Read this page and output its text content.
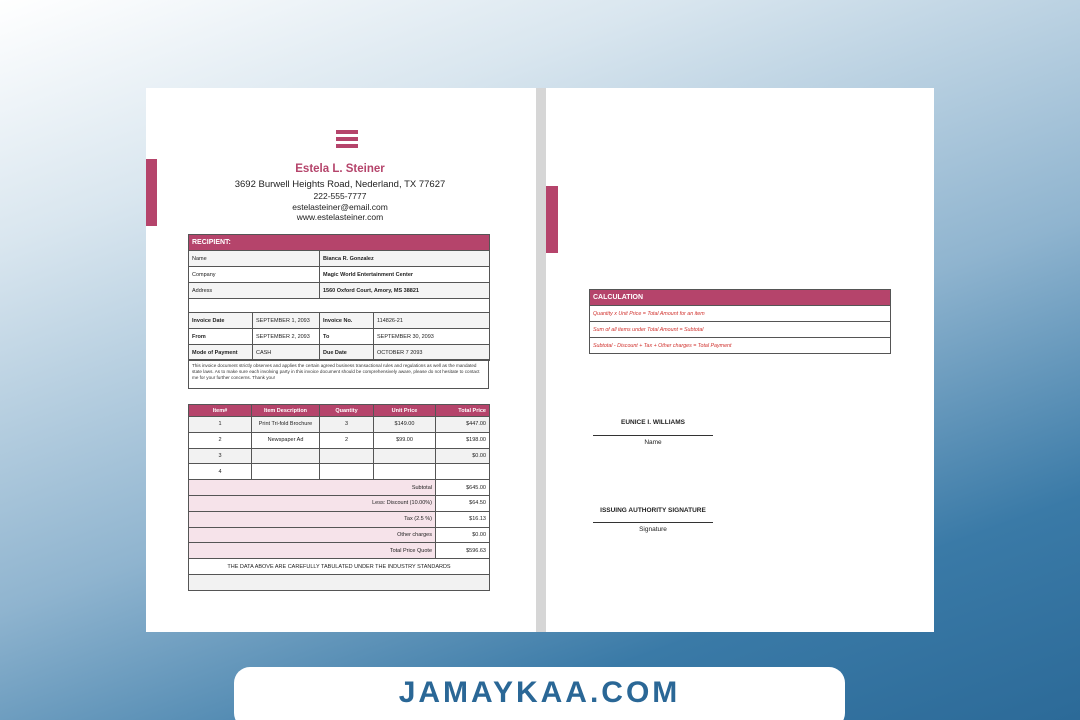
Estela L. Steiner
3692 Burwell Heights Road, Nederland, TX 77627
222-555-7777
estelasteiner@email.com
www.estelasteiner.com
RECIPIENT:	
Name	Bianca R. Gonzalez
Company	Magic World Entertainment Center
Address	1560 Oxford Court, Amory, MS 38821

Invoice Date	SEPTEMBER 1, 2093	Invoice No.	114826-21
From	SEPTEMBER 2, 2093	To	SEPTEMBER 30, 2093
Mode of Payment	CASH	Due Date	OCTOBER 7 2093
This invoice document strictly observes and applies the certain agreed business transactional rules and regulations as well as the mandated state laws. As to make sure each involving party in this invoice document should be comprehensively aware, please do not hesitate to contact me for your further concerns. Thank you!
Item#	Item Description	Quantity	Unit Price	Total Price
1	Print Tri-fold Brochure	3	$149.00	$447.00
2	Newspaper Ad	2	$99.00	$198.00
3				$0.00
4				
Subtotal				$645.00
Less: Discount (10.00%)				$64.50
Tax (2.5 %)				$16.13
Other charges				$0.00
Total Price Quote				$596.63
THE DATA ABOVE ARE CAREFULLY TABULATED UNDER THE INDUSTRY STANDARDS				

CALCULATION
Quantity x Unit Price = Total Amount for an item
Sum of all items under Total Amount = Subtotal
Subtotal - Discount + Tax + Other charges = Total Payment
EUNICE I. WILLIAMS
Name
ISSUING AUTHORITY SIGNATURE
Signature
JAMAYKAA.COM
